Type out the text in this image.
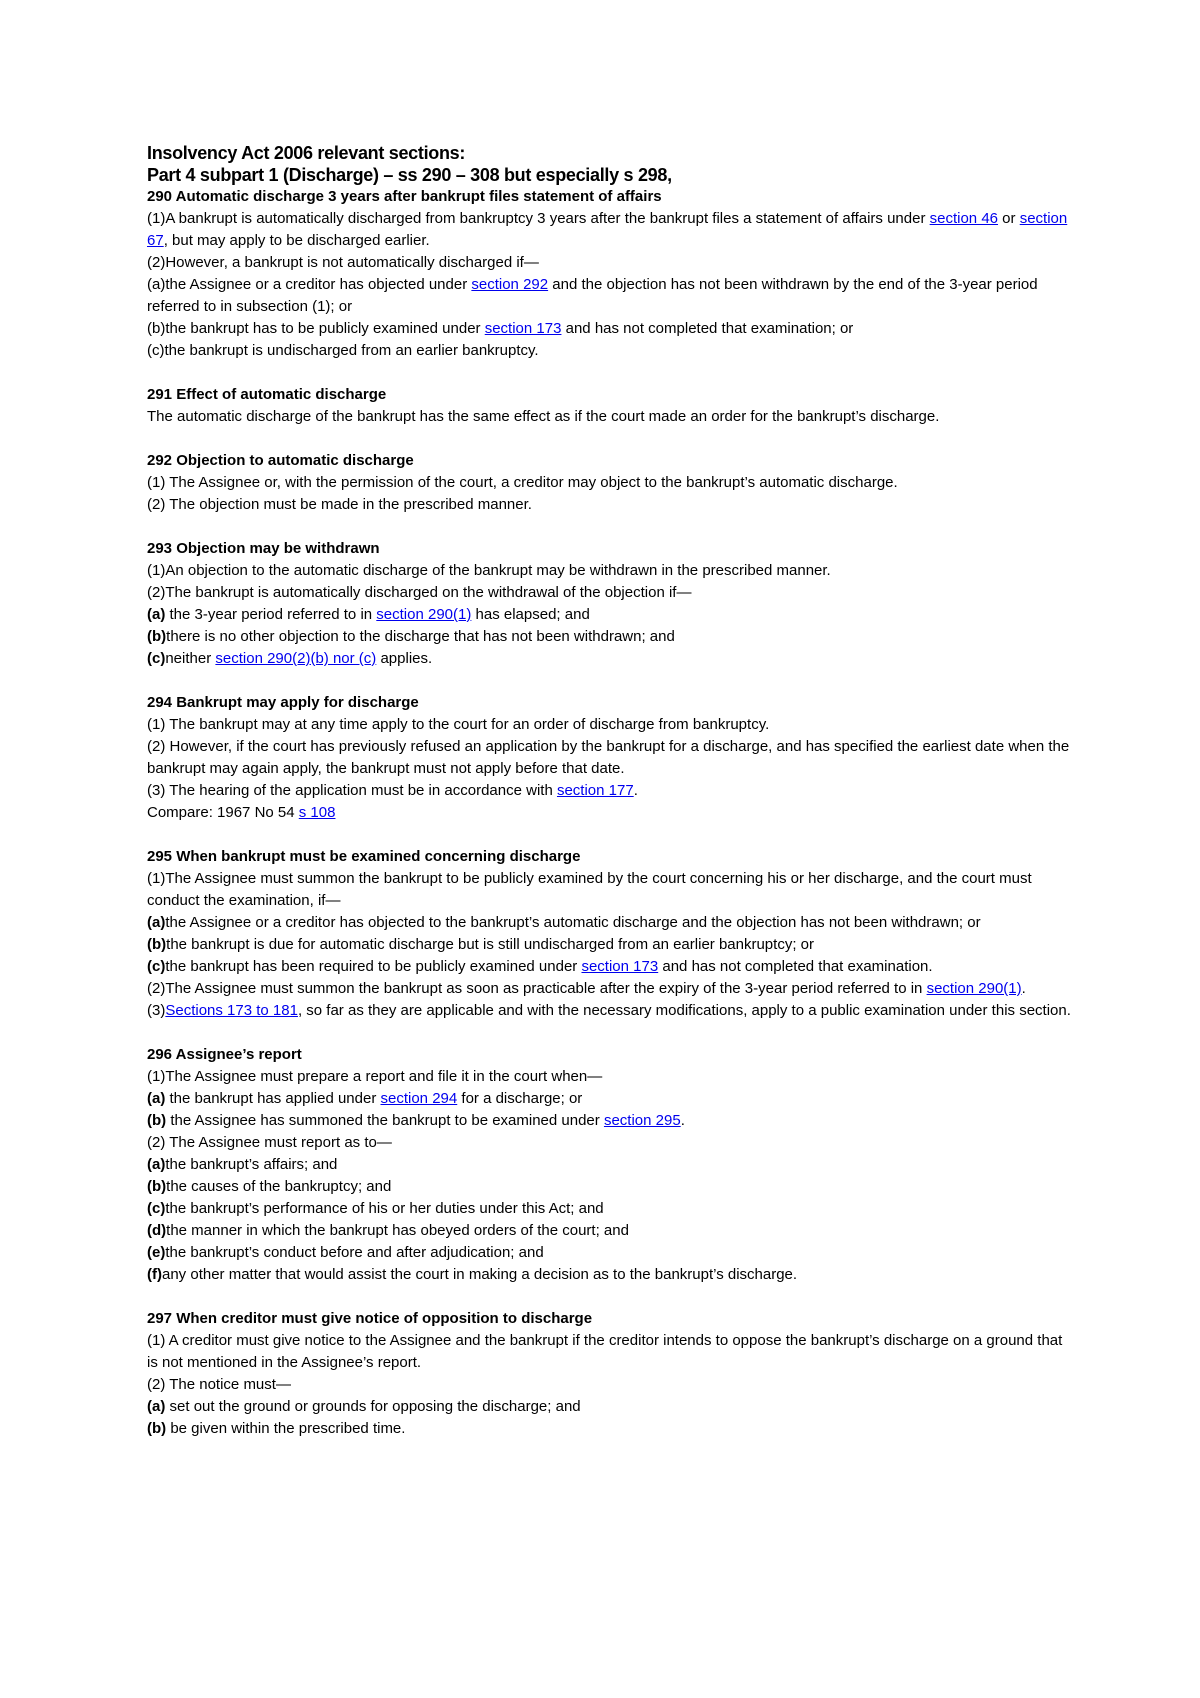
Insolvency Act 2006 relevant sections:
Part 4 subpart 1 (Discharge) – ss 290 – 308 but especially s 298,
290 Automatic discharge 3 years after bankrupt files statement of affairs
(1)A bankrupt is automatically discharged from bankruptcy 3 years after the bankrupt files a statement of affairs under section 46 or section 67, but may apply to be discharged earlier.
(2)However, a bankrupt is not automatically discharged if—
(a)the Assignee or a creditor has objected under section 292 and the objection has not been withdrawn by the end of the 3-year period referred to in subsection (1); or
(b)the bankrupt has to be publicly examined under section 173 and has not completed that examination; or
(c)the bankrupt is undischarged from an earlier bankruptcy.
291 Effect of automatic discharge
The automatic discharge of the bankrupt has the same effect as if the court made an order for the bankrupt’s discharge.
292 Objection to automatic discharge
(1) The Assignee or, with the permission of the court, a creditor may object to the bankrupt’s automatic discharge.
(2) The objection must be made in the prescribed manner.
293 Objection may be withdrawn
(1)An objection to the automatic discharge of the bankrupt may be withdrawn in the prescribed manner.
(2)The bankrupt is automatically discharged on the withdrawal of the objection if—
(a) the 3-year period referred to in section 290(1) has elapsed; and
(b)there is no other objection to the discharge that has not been withdrawn; and
(c)neither section 290(2)(b) nor (c) applies.
294 Bankrupt may apply for discharge
(1) The bankrupt may at any time apply to the court for an order of discharge from bankruptcy.
(2) However, if the court has previously refused an application by the bankrupt for a discharge, and has specified the earliest date when the bankrupt may again apply, the bankrupt must not apply before that date.
(3) The hearing of the application must be in accordance with section 177.
Compare: 1967 No 54 s 108
295 When bankrupt must be examined concerning discharge
(1)The Assignee must summon the bankrupt to be publicly examined by the court concerning his or her discharge, and the court must conduct the examination, if—
(a)the Assignee or a creditor has objected to the bankrupt’s automatic discharge and the objection has not been withdrawn; or
(b)the bankrupt is due for automatic discharge but is still undischarged from an earlier bankruptcy; or
(c)the bankrupt has been required to be publicly examined under section 173 and has not completed that examination.
(2)The Assignee must summon the bankrupt as soon as practicable after the expiry of the 3-year period referred to in section 290(1).
(3)Sections 173 to 181, so far as they are applicable and with the necessary modifications, apply to a public examination under this section.
296 Assignee’s report
(1)The Assignee must prepare a report and file it in the court when—
(a) the bankrupt has applied under section 294 for a discharge; or
(b) the Assignee has summoned the bankrupt to be examined under section 295.
(2) The Assignee must report as to—
(a)the bankrupt’s affairs; and
(b)the causes of the bankruptcy; and
(c)the bankrupt’s performance of his or her duties under this Act; and
(d)the manner in which the bankrupt has obeyed orders of the court; and
(e)the bankrupt’s conduct before and after adjudication; and
(f)any other matter that would assist the court in making a decision as to the bankrupt’s discharge.
297 When creditor must give notice of opposition to discharge
(1) A creditor must give notice to the Assignee and the bankrupt if the creditor intends to oppose the bankrupt’s discharge on a ground that is not mentioned in the Assignee’s report.
(2) The notice must—
(a) set out the ground or grounds for opposing the discharge; and
(b) be given within the prescribed time.
